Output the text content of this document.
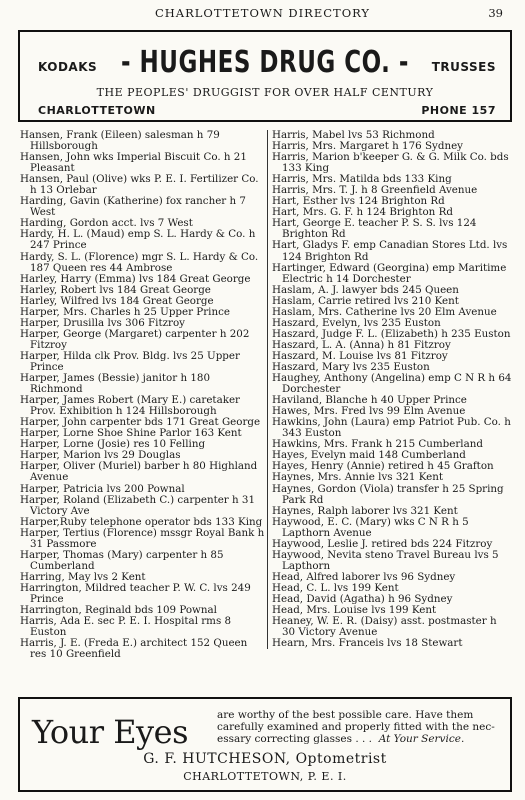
CHARLOTTETOWN DIRECTORY	39
KODAKS	- HUGHES DRUG CO. -	TRUSSES
THE PEOPLES' DRUGGIST FOR OVER HALF CENTURY
CHARLOTTETOWN	PHONE 157

Hansen, Frank (Eileen) salesman h 79 Hillsborough

Hansen, John wks Imperial Biscuit Co. h 21 Pleasant

Hansen, Paul (Olive) wks P. E. I. Fertilizer Co. h 13 Orlebar

Harding, Gavin (Katherine) fox rancher h 7 West

Harding, Gordon acct. lvs 7 West

Hardy, H. L. (Maud) emp S. L. Hardy & Co. h 247 Prince

Hardy, S. L. (Florence) mgr S. L. Hardy & Co. 187 Queen res 44 Ambrose

Harley, Harry (Emma) lvs 184 Great George

Harley, Robert lvs 184 Great George

Harley, Wilfred lvs 184 Great George

Harper, Mrs. Charles h 25 Upper Prince

Harper, Drusilla lvs 306 Fitzroy

Harper, George (Margaret) carpenter h 202 Fitzroy

Harper, Hilda clk Prov. Bldg. lvs 25 Upper Prince

Harper, James (Bessie) janitor h 180 Richmond

Harper, James Robert (Mary E.) caretaker Prov. Exhibition h 124 Hillsborough

Harper, John carpenter bds 171 Great George

Harper, Lorne Shoe Shine Parlor 163 Kent

Harper, Lorne (Josie) res 10 Felling

Harper, Marion lvs 29 Douglas

Harper, Oliver (Muriel) barber h 80 Highland Avenue

Harper, Patricia lvs 200 Pownal

Harper, Roland (Elizabeth C.) carpenter h 31 Victory Ave

Harper,Ruby telephone operator bds 133 King

Harper, Tertius (Florence) mssgr Royal Bank h 31 Passmore

Harper, Thomas (Mary) carpenter h 85 Cumberland

Harring, May lvs 2 Kent

Harrington, Mildred teacher P. W. C. lvs 249 Prince

Harrington, Reginald bds 109 Pownal

Harris, Ada E. sec P. E. I. Hospital rms 8 Euston

Harris, J. E. (Freda E.) architect 152 Queen res 10 Greenfield

Harris, Mabel lvs 53 Richmond

Harris, Mrs. Margaret h 176 Sydney

Harris, Marion b'keeper G. & G. Milk Co. bds 133 King

Harris, Mrs. Matilda bds 133 King

Harris, Mrs. T. J. h 8 Greenfield Avenue

Hart, Esther lvs 124 Brighton Rd

Hart, Mrs. G. F. h 124 Brighton Rd

Hart, George E. teacher P. S. S. lvs 124 Brighton Rd

Hart, Gladys F. emp Canadian Stores Ltd. lvs 124 Brighton Rd

Hartinger, Edward (Georgina) emp Maritime Electric h 14 Dorchester

Haslam, A. J. lawyer bds 245 Queen

Haslam, Carrie retired lvs 210 Kent

Haslam, Mrs. Catherine lvs 20 Elm Avenue

Haszard, Evelyn, lvs 235 Euston

Haszard, Judge F. L. (Elizabeth) h 235 Euston

Haszard, L. A. (Anna) h 81 Fitzroy

Haszard, M. Louise lvs 81 Fitzroy

Haszard, Mary lvs 235 Euston

Haughey, Anthony (Angelina) emp C N R h 64 Dorchester

Haviland, Blanche h 40 Upper Prince

Hawes, Mrs. Fred lvs 99 Elm Avenue

Hawkins, John (Laura) emp Patriot Pub. Co. h 343 Euston

Hawkins, Mrs. Frank h 215 Cumberland

Hayes, Evelyn maid 148 Cumberland

Hayes, Henry (Annie) retired h 45 Grafton

Haynes, Mrs. Annie lvs 321 Kent

Haynes, Gordon (Viola) transfer h 25 Spring Park Rd

Haynes, Ralph laborer lvs 321 Kent

Haywood, E. C. (Mary) wks C N R h 5 Lapthorn Avenue

Haywood, Leslie J. retired bds 224 Fitzroy

Haywood, Nevita steno Travel Bureau lvs 5 Lapthorn

Head, Alfred laborer lvs 96 Sydney

Head, C. L. lvs 199 Kent

Head, David (Agatha) h 96 Sydney

Head, Mrs. Louise lvs 199 Kent

Heaney, W. E. R. (Daisy) asst. postmaster h 30 Victory Avenue

Hearn, Mrs. Franceis lvs 18 Stewart

Your Eyes	are worthy of the best possible care. Have them
carefully examined and properly fitted with the nec-
essary correcting glasses . . . At Your Service.
G. F. HUTCHESON, Optometrist
CHARLOTTETOWN, P. E. I.
